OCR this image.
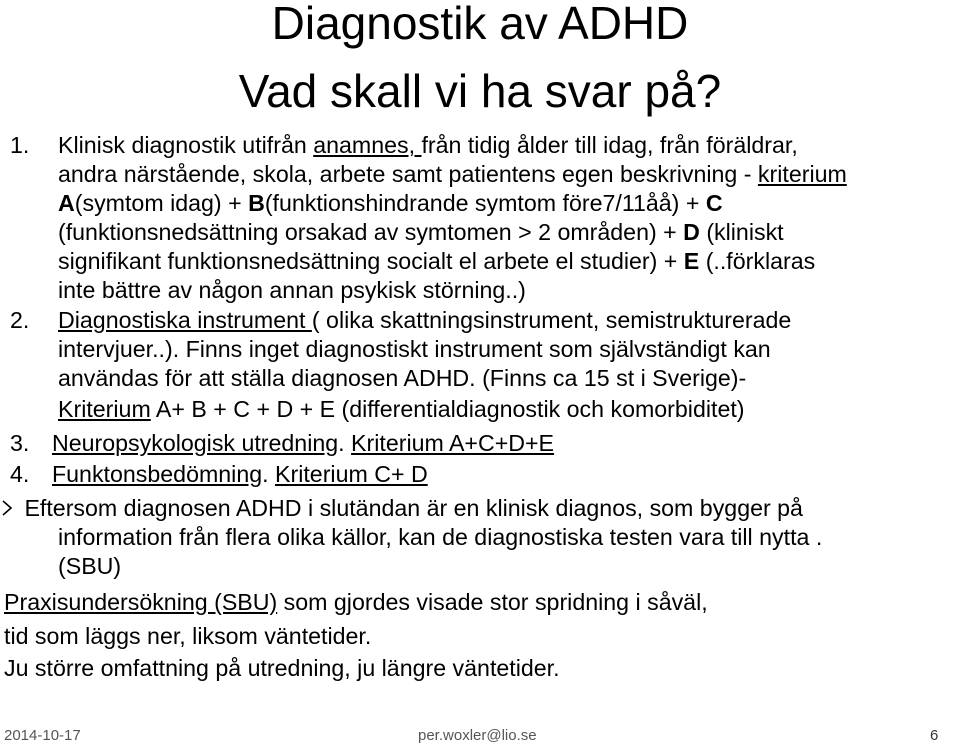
Diagnostik av ADHD
Vad skall vi ha svar på?
1. Klinisk diagnostik utifrån anamnes, från tidig ålder till idag, från föräldrar,
andra närstående, skola, arbete samt patientens egen beskrivning - kriterium
A(symtom idag) + B(funktionshindrande symtom före7/11åå) + C
(funktionsnedsättning orsakad av symtomen > 2 områden) + D (kliniskt
signifikant funktionsnedsättning socialt el arbete el studier) + E (..förklaras
inte bättre av någon annan psykisk störning..)
2. Diagnostiska instrument ( olika skattningsinstrument, semistrukturerade
intervjuer..). Finns inget diagnostiskt instrument som självständigt kan
användas för att ställa diagnosen ADHD. (Finns ca 15 st i Sverige)-
Kriterium A+ B + C + D + E (differentialdiagnostik och komorbiditet)
3. Neuropsykologisk utredning. Kriterium A+C+D+E
4. Funktonsbedömning. Kriterium C+ D
Eftersom diagnosen ADHD i slutändan är en klinisk diagnos, som bygger på
information från flera olika källor, kan de diagnostiska testen vara till nytta .
(SBU)
Praxisundersökning (SBU) som gjordes visade stor spridning i såväl,
tid som läggs ner, liksom väntetider.
Ju större omfattning på utredning, ju längre väntetider.
2014-10-17	per.woxler@lio.se	6
